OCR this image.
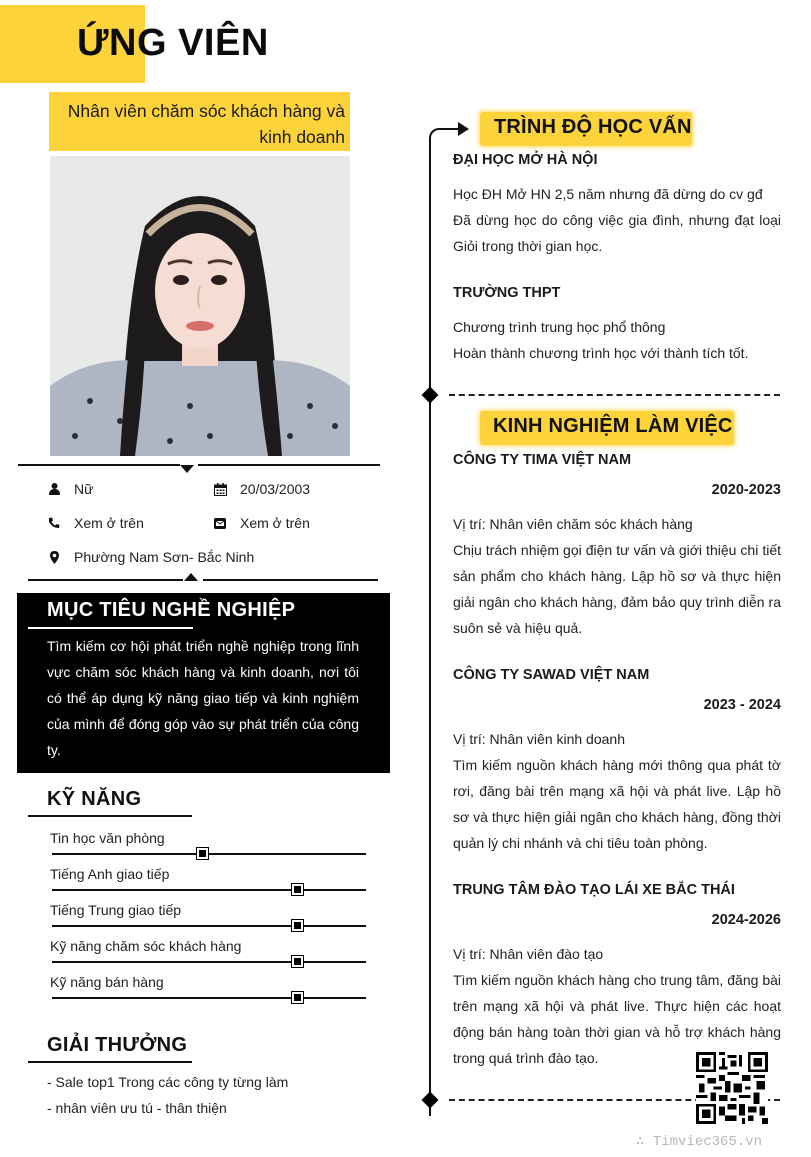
ỨNG VIÊN
Nhân viên chăm sóc khách hàng và kinh doanh
Nữ	20/03/2003
Xem ở trên	Xem ở trên
Phường Nam Sơn- Bắc Ninh
MỤC TIÊU NGHỀ NGHIỆP

Tìm kiếm cơ hội phát triển nghề nghiệp trong lĩnh vực chăm sóc khách hàng và kinh doanh, nơi tôi có thể áp dụng kỹ năng giao tiếp và kinh nghiệm của mình để đóng góp vào sự phát triển của công ty.

KỸ NĂNG
Tin học văn phòng
Tiếng Anh giao tiếp
Tiếng Trung giao tiếp
Kỹ năng chăm sóc khách hàng
Kỹ năng bán hàng
GIẢI THƯỞNG
- Sale top1 Trong các công ty từng làm
- nhân viên ưu tú - thân thiện
TRÌNH ĐỘ HỌC VẤN
ĐẠI HỌC MỞ HÀ NỘI
Học ĐH Mở HN 2,5 năm nhưng đã dừng do cv gđ
Đã dừng học do công việc gia đình, nhưng đạt loại Giỏi trong thời gian học.
TRƯỜNG THPT
Chương trình trung học phổ thông
Hoàn thành chương trình học với thành tích tốt.
KINH NGHIỆM LÀM VIỆC
CÔNG TY TIMA VIỆT NAM
2020-2023
Vị trí: Nhân viên chăm sóc khách hàng
Chịu trách nhiệm gọi điện tư vấn và giới thiệu chi tiết sản phẩm cho khách hàng. Lập hồ sơ và thực hiện giải ngân cho khách hàng, đảm bảo quy trình diễn ra suôn sẻ và hiệu quả.
CÔNG TY SAWAD VIỆT NAM
2023 - 2024
Vị trí: Nhân viên kinh doanh
Tìm kiếm nguồn khách hàng mới thông qua phát tờ rơi, đăng bài trên mạng xã hội và phát live. Lập hồ sơ và thực hiện giải ngân cho khách hàng, đồng thời quản lý chi nhánh và chi tiêu toàn phòng.
TRUNG TÂM ĐÀO TẠO LÁI XE BẮC THÁI
2024-2026
Vị trí: Nhân viên đào tạo
Tìm kiếm nguồn khách hàng cho trung tâm, đăng bài trên mạng xã hội và phát live. Thực hiện các hoạt động bán hàng toàn thời gian và hỗ trợ khách hàng trong quá trình đào tạo.
∴ Timviec365.vn
